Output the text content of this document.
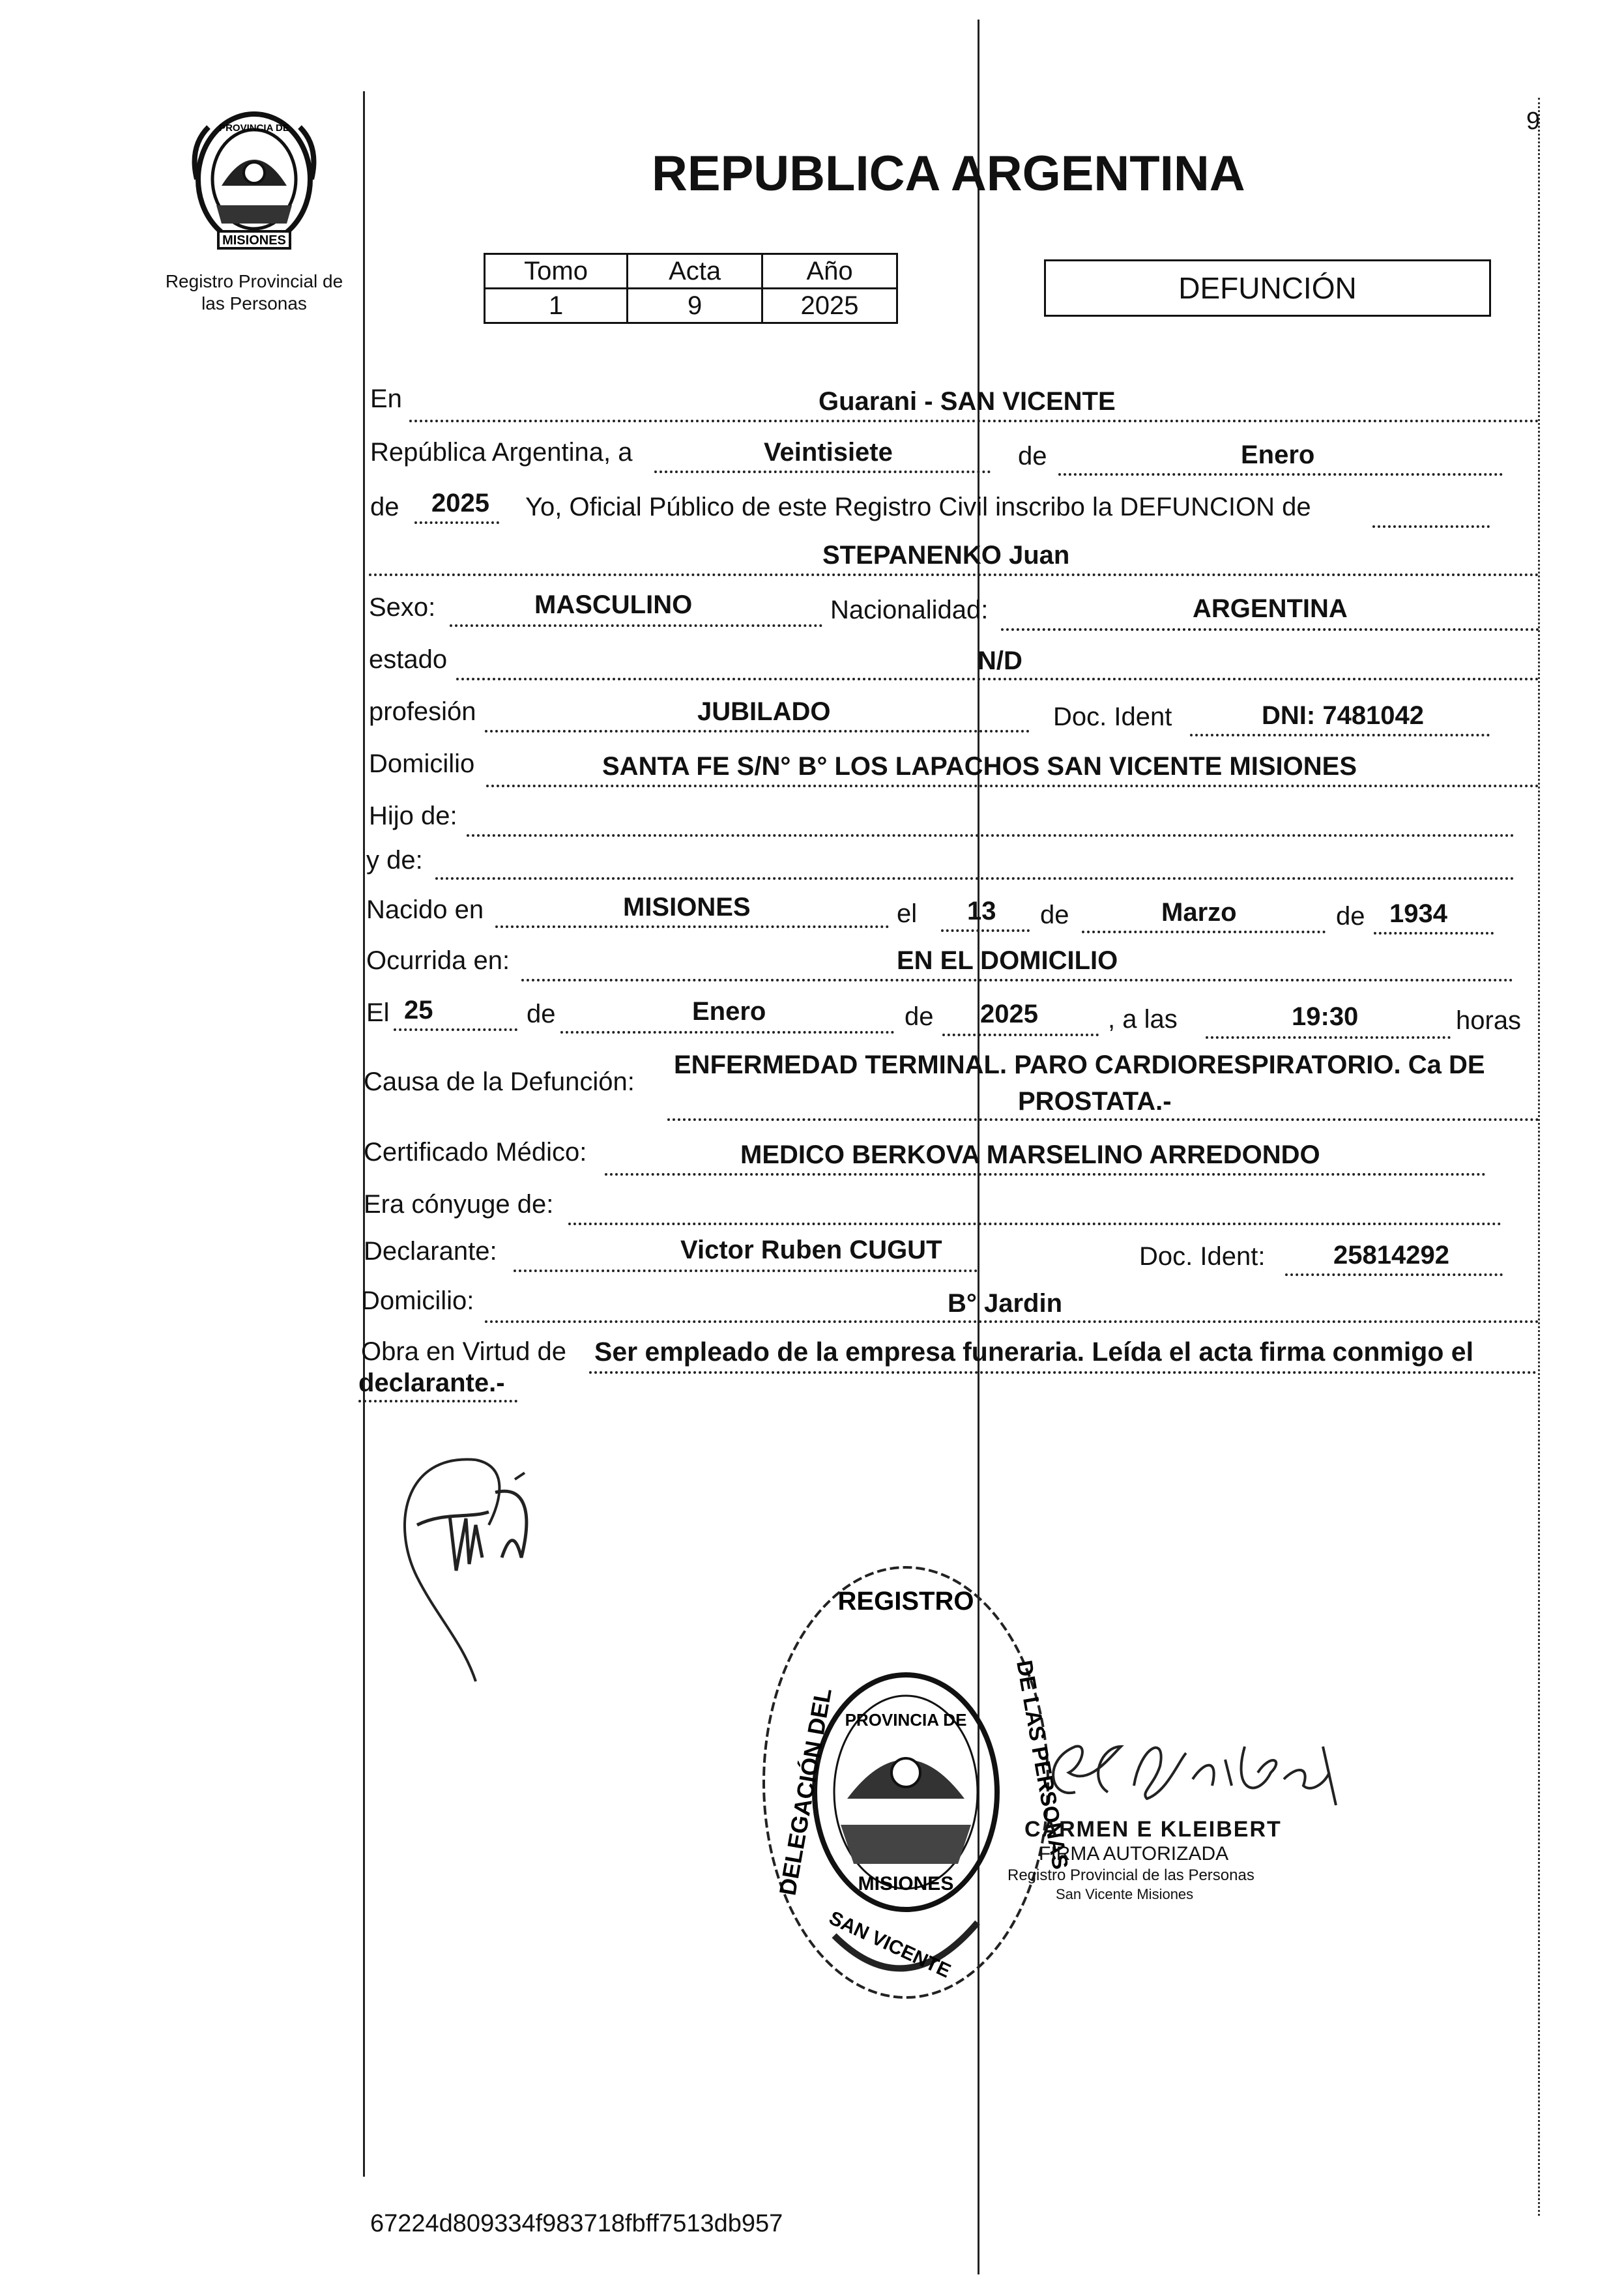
9
MISIONES
PROVINCIA DE
Registro Provincial de
las Personas
REPUBLICA ARGENTINA
Tomo	Acta	Año
1	9	2025
DEFUNCIÓN
En	Guarani - SAN VICENTE
República Argentina, a	Veintisiete	de	Enero
de 2025 Yo, Oficial Público de este Registro Civil inscribo la DEFUNCION de
STEPANENKO Juan
Sexo:	MASCULINO	Nacionalidad:	ARGENTINA
estado	N/D
profesión	JUBILADO	Doc. Ident	DNI: 7481042
Domicilio	SANTA FE S/N° B° LOS LAPACHOS SAN VICENTE MISIONES
Hijo de:
y de:
Nacido en	MISIONES	el 13 de	Marzo	de 1934
Ocurrida en:	EN EL DOMICILIO
El 25	de	Enero	de 2025	, a las	19:30	horas
Causa de la Defunción:
ENFERMEDAD TERMINAL. PARO CARDIORESPIRATORIO. Ca DE
PROSTATA.-
Certificado Médico:	MEDICO BERKOVA MARSELINO ARREDONDO
Era cónyuge de:
Declarante:	Victor Ruben CUGUT	Doc. Ident:	25814292
Domicilio:	B° Jardin
Obra en Virtud de Ser empleado de la empresa funeraria. Leída el acta firma conmigo el
declarante.-
REGISTRO
DELEGACIÓN DEL	DE LAS PERSONAS
SAN VICENTE
PROVINCIA DE
MISIONES
CARMEN E KLEIBERT
FIRMA AUTORIZADA
Registro Provincial de las Personas
San Vicente Misiones
67224d809334f983718fbff7513db957
